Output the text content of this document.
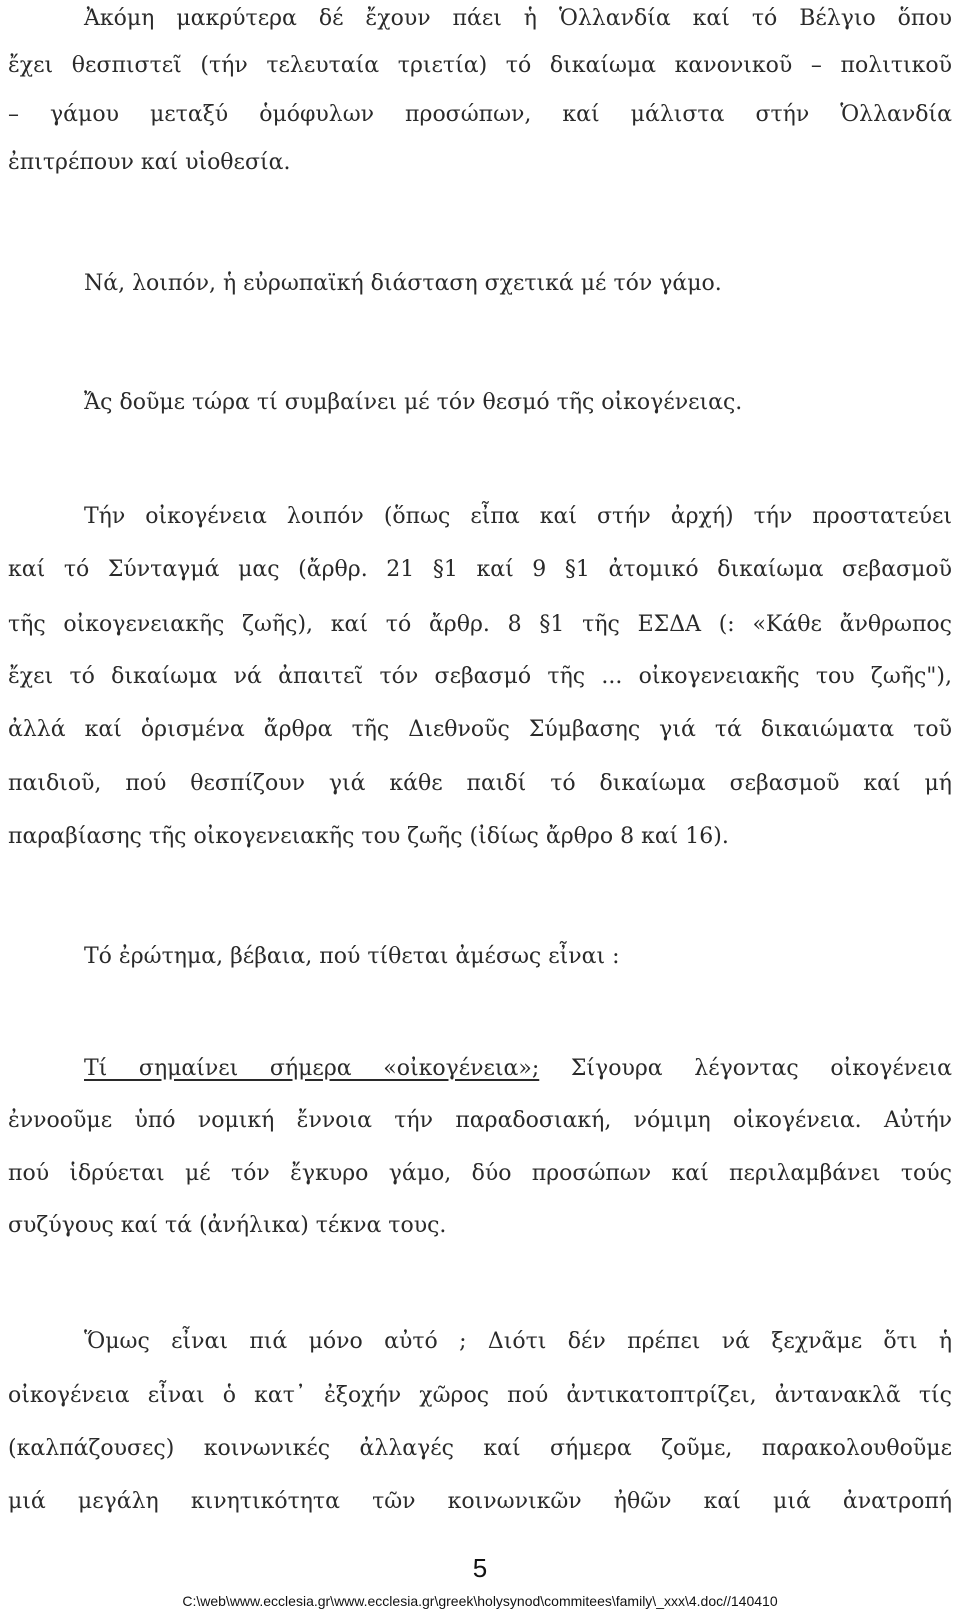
Ἀκόμη μακρύτερα δέ ἔχουν πάει ἡ Ὁλλανδία καί τό Βέλγιο ὅπου
ἔχει θεσπιστεῖ (τήν τελευταία τριετία) τό δικαίωμα κανονικοῦ – πολιτικοῦ
– γάμου μεταξύ ὁμόφυλων προσώπων, καί μάλιστα στήν Ὁλλανδία
ἐπιτρέπουν καί υἱοθεσία.
Νά, λοιπόν, ἡ εὐρωπαϊκή διάσταση σχετικά μέ τόν γάμο.
Ἄς δοῦμε τώρα τί συμβαίνει μέ τόν θεσμό τῆς οἰκογένειας.
Τήν οἰκογένεια λοιπόν (ὅπως εἶπα καί στήν ἀρχή) τήν προστατεύει
καί τό Σύνταγμά μας (ἄρθρ. 21 §1 καί 9 §1 ἀτομικό δικαίωμα σεβασμοῦ
τῆς οἰκογενειακῆς ζωῆς), καί τό ἄρθρ. 8 §1 τῆς ΕΣΔΑ (: «Κάθε ἄνθρωπος
ἔχει τό δικαίωμα νά ἀπαιτεῖ τόν σεβασμό τῆς ... οἰκογενειακῆς του ζωῆς"),
ἀλλά καί ὁρισμένα ἄρθρα τῆς Διεθνοῦς Σύμβασης γιά τά δικαιώματα τοῦ
παιδιοῦ, πού θεσπίζουν γιά κάθε παιδί τό δικαίωμα σεβασμοῦ καί μή
παραβίασης τῆς οἰκογενειακῆς του ζωῆς (ἰδίως ἄρθρο 8 καί 16).
Τό ἐρώτημα, βέβαια, πού τίθεται ἀμέσως εἶναι :
Τί σημαίνει σήμερα «οἰκογένεια»; Σίγουρα λέγοντας οἰκογένεια
ἐννοοῦμε ὑπό νομική ἔννοια τήν παραδοσιακή, νόμιμη οἰκογένεια. Αὐτήν
πού ἱδρύεται μέ τόν ἔγκυρο γάμο, δύο προσώπων καί περιλαμβάνει τούς
συζύγους καί τά (ἀνήλικα) τέκνα τους.
Ὅμως εἶναι πιά μόνο αὐτό ; Διότι δέν πρέπει νά ξεχνᾶμε ὅτι ἡ
οἰκογένεια εἶναι ὁ κατ᾿ ἐξοχήν χῶρος πού ἀντικατοπτρίζει, ἀντανακλᾶ τίς
(καλπάζουσες) κοινωνικές ἀλλαγές καί σήμερα ζοῦμε, παρακολουθοῦμε
μιά μεγάλη κινητικότητα τῶν κοινωνικῶν ἠθῶν καί μιά ἀνατροπή
5
C:\web\www.ecclesia.gr\www.ecclesia.gr\greek\holysynod\commitees\family\_xxx\4.doc//140410
